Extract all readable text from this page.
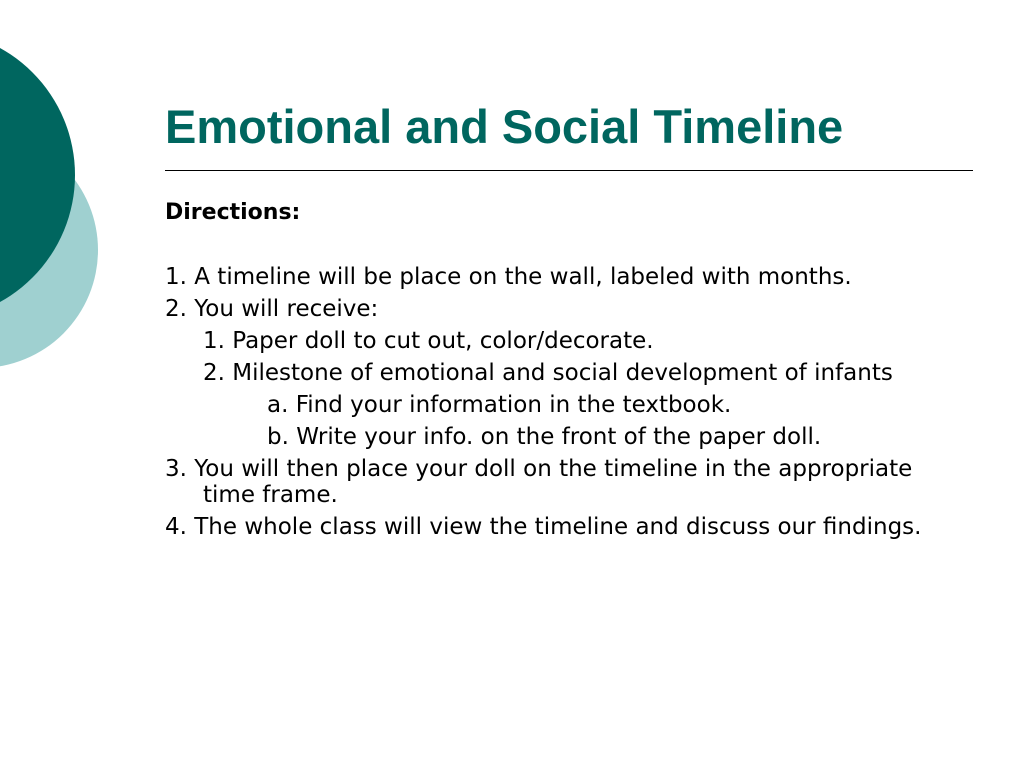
Emotional and Social Timeline

Directions:

1. A timeline will be place on the wall, labeled with months.
2. You will receive:
1. Paper doll to cut out, color/decorate.
2. Milestone of emotional and social development of infants
a. Find your information in the textbook.
b. Write your info. on the front of the paper doll.
3. You will then place your doll on the timeline in the appropriate time frame.
4. The whole class will view the timeline and discuss our findings.
